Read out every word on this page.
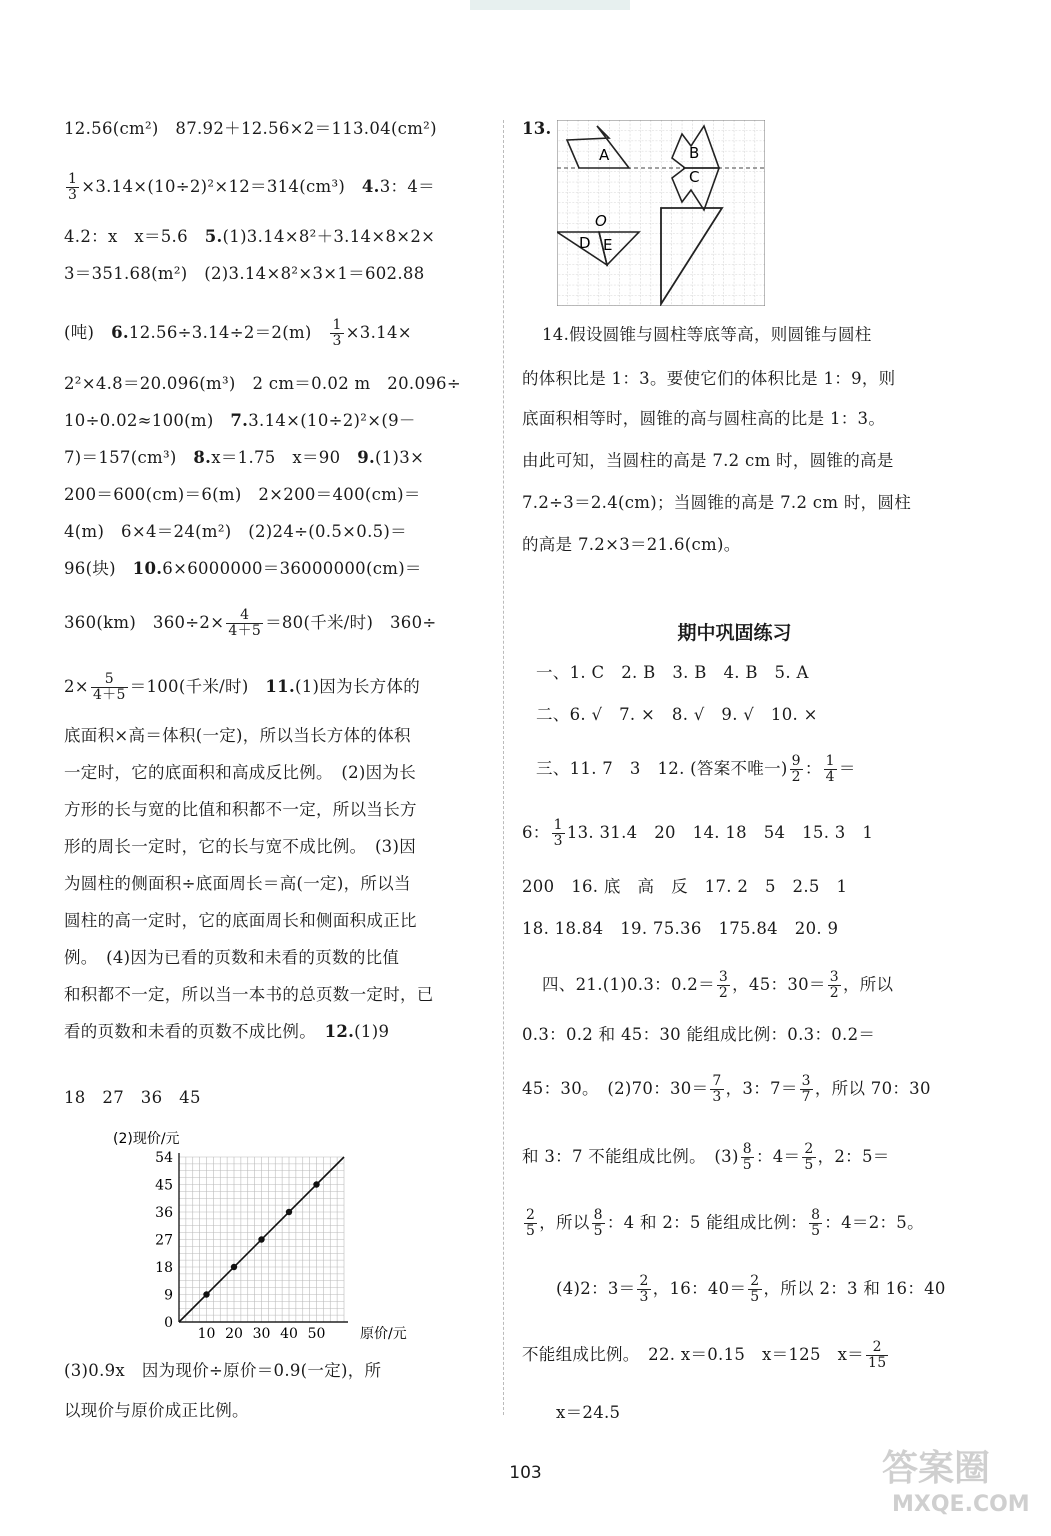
12.56(cm²)　87.92＋12.56×2＝113.04(cm²)
$\frac{1}{3} \times 3.14\times(10\div 2)^2\times 12=314(cm^3)$　4.3：4＝
4.2：x　x＝5.6　5.(1)3.14×8²＋3.14×8×2×
3＝351.68(m²)　(2)3.14×8²×3×1＝602.88
(吨)　6.12.56÷3.14÷2＝2(m)　 $\frac{1}{3} \times 3.14\times$
2²×4.8＝20.096(m³)　2 cm＝0.02 m　20.096÷
10÷0.02≈100(m)　7.3.14×(10÷2)²×(9－
7)＝157(cm³)　8.x＝1.75　x＝90　9.(1)3×
200＝600(cm)＝6(m)　2×200＝400(cm)＝
4(m)　6×4＝24(m²)　(2)24÷(0.5×0.5)＝
96(块)　10.6×6000000＝36000000(cm)＝
360(km)　$360\div 2\times \frac{4}{4+5} =80$(千米/时)　360÷
$2\times \frac{5}{4+5} =100$(千米/时)　11.(1)因为长方体的
底面积×高＝体积(一定)，所以当长方体的体积
一定时，它的底面积和高成反比例。　(2)因为长
方形的长与宽的比值和积都不一定，所以当长方
形的周长一定时，它的长与宽不成比例。　(3)因
为圆柱的侧面积÷底面周长＝高(一定)，所以当
圆柱的高一定时，它的底面周长和侧面积成正比
例。　(4)因为已看的页数和未看的页数的比值
和积都不一定，所以当一本书的总页数一定时，已
看的页数和未看的页数不成比例。　12.(1)9
18　27　36　45
0
9
18
27
36
45
54
10 20 30 40 50
(2)现价/元
原价/元
(3)0.9x　因为现价÷原价＝0.9(一定)，所
以现价与原价成正比例。
13.
A	B
C
O
D E
14.假设圆锥与圆柱等底等高，则圆锥与圆柱
的体积比是 1：3。要使它们的体积比是 1：9，则
底面积相等时，圆锥的高与圆柱高的比是 1：3。
由此可知，当圆柱的高是 7.2 cm 时，圆锥的高是
7.2÷3＝2.4(cm)；当圆锥的高是 7.2 cm 时，圆柱
的高是 7.2×3＝21.6(cm)。
期中巩固练习
一、1. C　2. B　3. B　4. B　5. A
二、6. √　7. ×　8. √　9. √　10. ×
三、11. 7　3　12. (答案不唯一) $\frac{9}{2}$ ： $\frac{1}{4}$ ＝
6： $\frac{1}{3} 13$. 31.4　20　14. 18　54　15. 3　1
200　16. 底　高　反　17. 2　5　2.5　1
18. 18.84　19. 75.36　175.84　20. 9
四、21.(1)0.3：$0.2= \frac{3}{2}$ ，45：$30= \frac{3}{2}$ ，所以
0.3：0.2 和 45：30 能组成比例：0.3：0.2＝
45：30。　(2)70：$30= \frac{7}{3}$ ，3：$7= \frac{3}{7}$ ，所以 70：30
和 3：7 不能组成比例。　$(3) \frac{8}{5}$ ：$4= \frac{2}{5}$ ，2：5＝
$\frac{2}{5}$ ，所以 $\frac{8}{5}$ ：4 和 2：5 能组成比例： $\frac{8}{5}$ ：4＝2：5。
(4)2：$3= \frac{2}{3}$ ，16：$40= \frac{2}{5}$ ，所以 2：3 和 16：40
不能组成比例。　22. x＝0.15　x＝125　$x= \frac{2}{15}$
x＝24.5
103	答案圈
MXQE.COM
